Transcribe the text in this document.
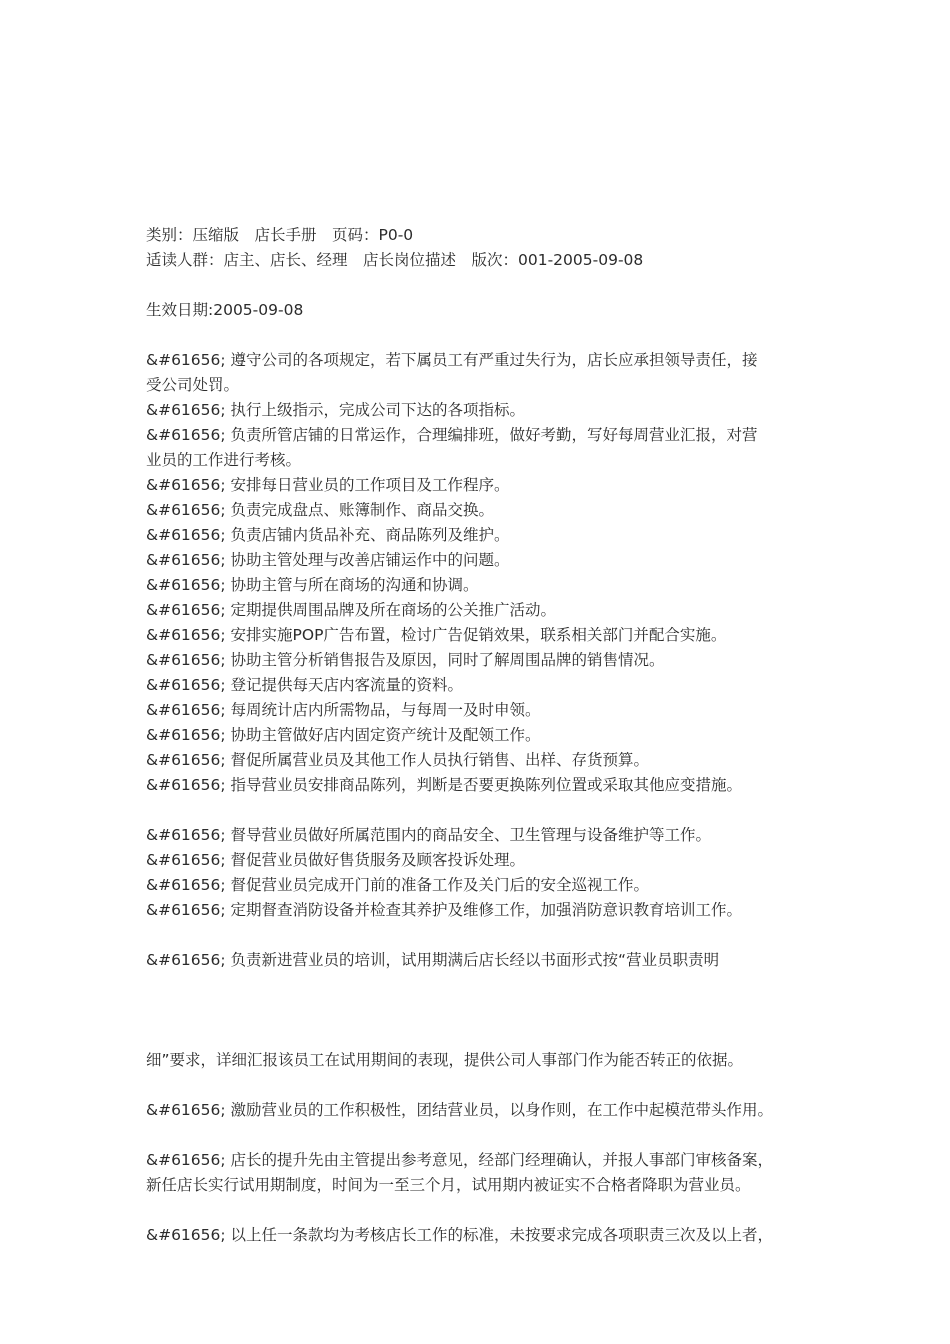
类别：压缩版　店长手册　页码：P0-0
适读人群：店主、店长、经理　店长岗位描述　版次：001-2005-09-08
生效日期:2005-09-08
&#61656; 遵守公司的各项规定，若下属员工有严重过失行为，店长应承担领导责任，接
受公司处罚。
&#61656; 执行上级指示，完成公司下达的各项指标。
&#61656; 负责所管店铺的日常运作，合理编排班，做好考勤，写好每周营业汇报，对营
业员的工作进行考核。
&#61656; 安排每日营业员的工作项目及工作程序。
&#61656; 负责完成盘点、账簿制作、商品交换。
&#61656; 负责店铺内货品补充、商品陈列及维护。
&#61656; 协助主管处理与改善店铺运作中的问题。
&#61656; 协助主管与所在商场的沟通和协调。
&#61656; 定期提供周围品牌及所在商场的公关推广活动。
&#61656; 安排实施POP广告布置，检讨广告促销效果，联系相关部门并配合实施。
&#61656; 协助主管分析销售报告及原因，同时了解周围品牌的销售情况。
&#61656; 登记提供每天店内客流量的资料。
&#61656; 每周统计店内所需物品，与每周一及时申领。
&#61656; 协助主管做好店内固定资产统计及配领工作。
&#61656; 督促所属营业员及其他工作人员执行销售、出样、存货预算。
&#61656; 指导营业员安排商品陈列，判断是否要更换陈列位置或采取其他应变措施。
&#61656; 督导营业员做好所属范围内的商品安全、卫生管理与设备维护等工作。
&#61656; 督促营业员做好售货服务及顾客投诉处理。
&#61656; 督促营业员完成开门前的准备工作及关门后的安全巡视工作。
&#61656; 定期督查消防设备并检查其养护及维修工作，加强消防意识教育培训工作。
&#61656; 负责新进营业员的培训，试用期满后店长经以书面形式按“营业员职责明
细”要求，详细汇报该员工在试用期间的表现，提供公司人事部门作为能否转正的依据。
&#61656; 激励营业员的工作积极性，团结营业员，以身作则，在工作中起模范带头作用。
&#61656; 店长的提升先由主管提出参考意见，经部门经理确认，并报人事部门审核备案，
新任店长实行试用期制度，时间为一至三个月，试用期内被证实不合格者降职为营业员。
&#61656; 以上任一条款均为考核店长工作的标准，未按要求完成各项职责三次及以上者，
